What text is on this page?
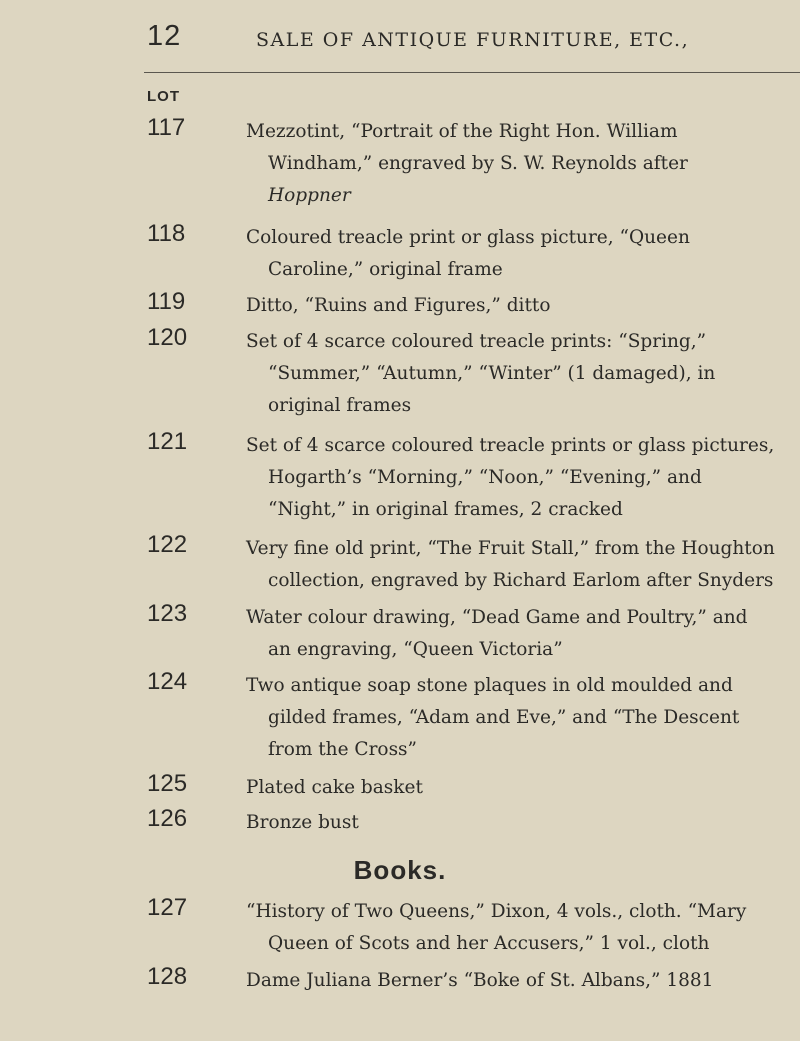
12	SALE OF ANTIQUE FURNITURE, ETC.,
LOT
117	Mezzotint, “Portrait of the Right Hon. William
Windham,” engraved by S. W. Reynolds after
Hoppner
118	Coloured treacle print or glass picture, “Queen
Caroline,” original frame
119	Ditto, “Ruins and Figures,” ditto
120	Set of 4 scarce coloured treacle prints: “Spring,”
“Summer,” “Autumn,” “Winter” (1 damaged), in
original frames
121	Set of 4 scarce coloured treacle prints or glass pictures,
Hogarth’s “Morning,” “Noon,” “Evening,” and
“Night,” in original frames, 2 cracked
122	Very fine old print, “The Fruit Stall,” from the Houghton
collection, engraved by Richard Earlom after Snyders
123	Water colour drawing, “Dead Game and Poultry,” and
an engraving, “Queen Victoria”
124	Two antique soap stone plaques in old moulded and
gilded frames, “Adam and Eve,” and “The Descent
from the Cross”
125	Plated cake basket
126	Bronze bust
Books.
127	“History of Two Queens,” Dixon, 4 vols., cloth. “Mary
Queen of Scots and her Accusers,” 1 vol., cloth
128	Dame Juliana Berner’s “Boke of St. Albans,” 1881
